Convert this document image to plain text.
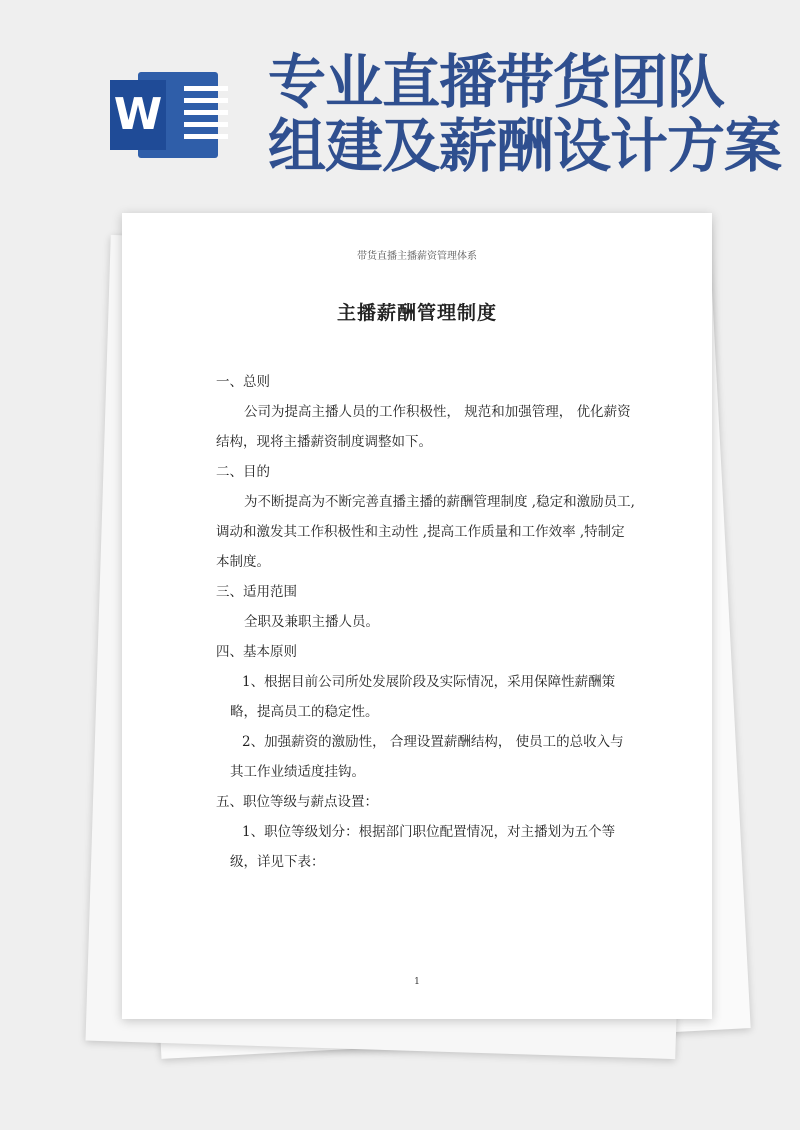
W 专业直播带货团队
组建及薪酬设计方案
带货直播主播薪资管理体系
主播薪酬管理制度

一、总则

公司为提高主播人员的工作积极性， 规范和加强管理， 优化薪资结构，现将主播薪资制度调整如下。

二、目的

为不断提高为不断完善直播主播的薪酬管理制度 ,稳定和激励员工,调动和激发其工作积极性和主动性 ,提高工作质量和工作效率 ,特制定本制度。

三、适用范围

全职及兼职主播人员。

四、基本原则

1、根据目前公司所处发展阶段及实际情况，采用保障性薪酬策略，提高员工的稳定性。

2、加强薪资的激励性， 合理设置薪酬结构， 使员工的总收入与其工作业绩适度挂钩。

五、职位等级与薪点设置：

1、职位等级划分：根据部门职位配置情况，对主播划为五个等级，详见下表：

1
